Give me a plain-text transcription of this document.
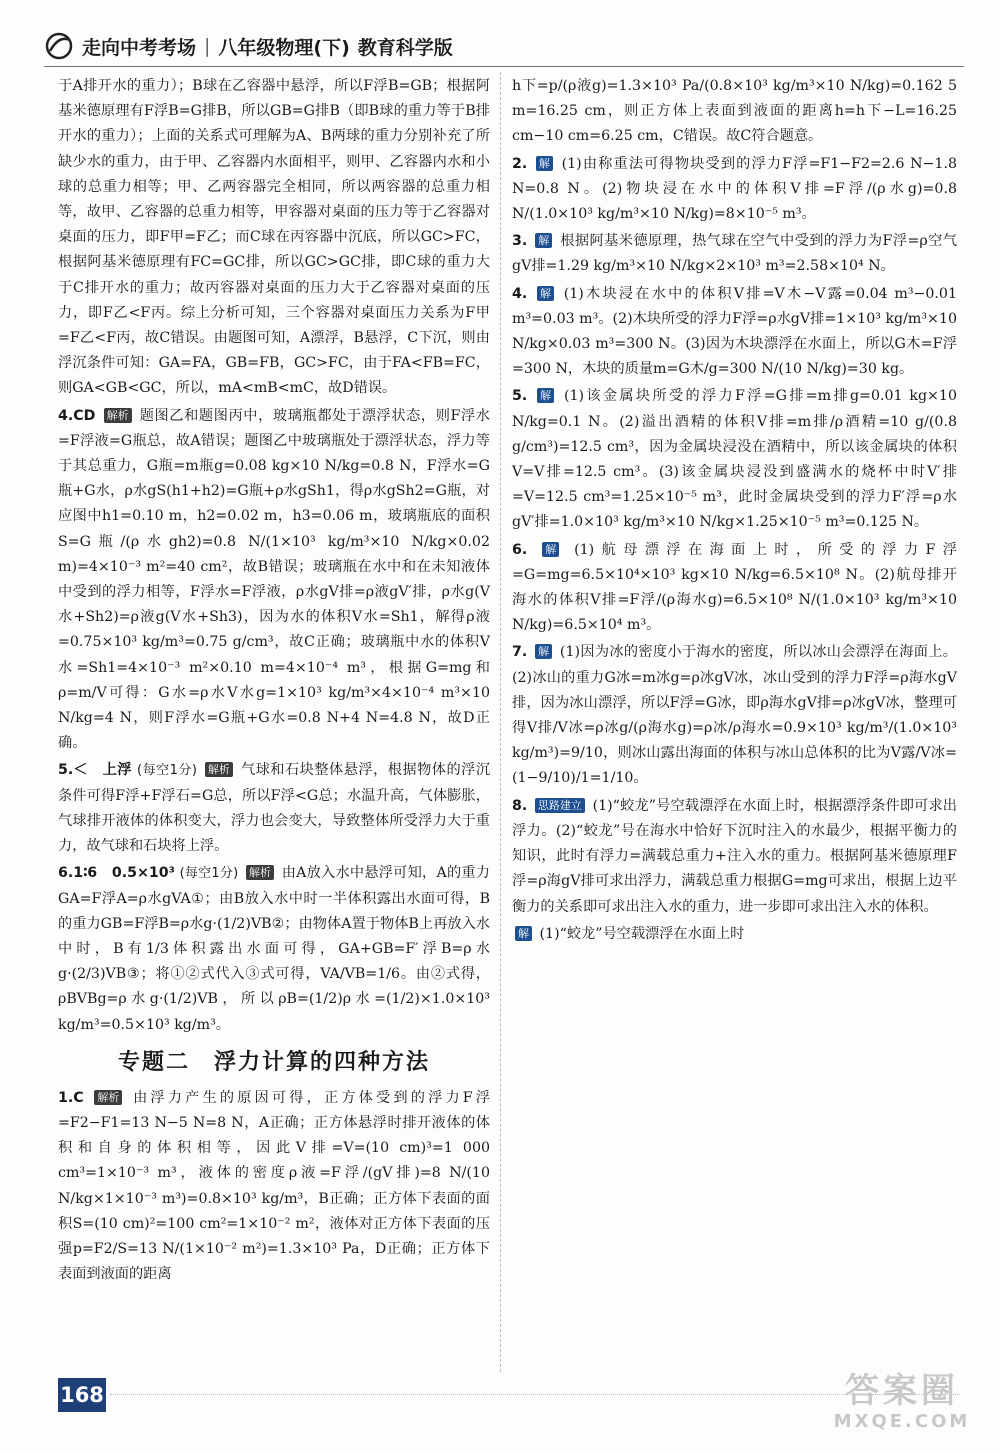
走向中考考场 | 八年级物理(下) 教育科学版

于A排开水的重力）；B球在乙容器中悬浮，所以F浮B=GB；根据阿基米德原理有F浮B=G排B，所以GB=G排B（即B球的重力等于B排开水的重力）；上面的关系式可理解为A、B两球的重力分别补充了所缺少水的重力，由于甲、乙容器内水面相平，则甲、乙容器内水和小球的总重力相等；甲、乙两容器完全相同，所以两容器的总重力相等，故甲、乙容器的总重力相等，甲容器对桌面的压力等于乙容器对桌面的压力，即F甲=F乙；而C球在丙容器中沉底，所以GC>FC，根据阿基米德原理有FC=GC排，所以GC>GC排，即C球的重力大于C排开水的重力；故丙容器对桌面的压力大于乙容器对桌面的压力，即F乙<F丙。综上分析可知，三个容器对桌面压力关系为F甲=F乙<F丙，故C错误。由题图可知，A漂浮，B悬浮，C下沉，则由浮沉条件可知：GA=FA，GB=FB，GC>FC，由于FA<FB=FC，则GA<GB<GC，所以，mA<mB<mC，故D错误。

4.CD 解析 题图乙和题图丙中，玻璃瓶都处于漂浮状态，则F浮水=F浮液=G瓶总，故A错误；题图乙中玻璃瓶处于漂浮状态，浮力等于其总重力，G瓶=m瓶g=0.08 kg×10 N/kg=0.8 N，F浮水=G瓶+G水，ρ水gS(h1+h2)=G瓶+ρ水gSh1，得ρ水gSh2=G瓶，对应图中h1=0.10 m，h2=0.02 m，h3=0.06 m，玻璃瓶底的面积S=G瓶/(ρ水gh2)=0.8 N/(1×10³ kg/m³×10 N/kg×0.02 m)=4×10⁻³ m²=40 cm²，故B错误；玻璃瓶在水中和在未知液体中受到的浮力相等，F浮水=F浮液，ρ水gV排=ρ液gV′排，ρ水g(V水+Sh2)=ρ液g(V水+Sh3)，因为水的体积V水=Sh1，解得ρ液=0.75×10³ kg/m³=0.75 g/cm³，故C正确；玻璃瓶中水的体积V水=Sh1=4×10⁻³ m²×0.10 m=4×10⁻⁴ m³，根据G=mg和ρ=m/V可得：G水=ρ水V水g=1×10³ kg/m³×4×10⁻⁴ m³×10 N/kg=4 N，则F浮水=G瓶+G水=0.8 N+4 N=4.8 N，故D正确。

5.＜　上浮 (每空1分) 解析 气球和石块整体悬浮，根据物体的浮沉条件可得F浮+F浮石=G总，所以F浮<G总；水温升高，气体膨胀，气球排开液体的体积变大，浮力也会变大，导致整体所受浮力大于重力，故气球和石块将上浮。

6.1∶6　0.5×10³ (每空1分) 解析 由A放入水中悬浮可知，A的重力GA=F浮A=ρ水gVA①；由B放入水中时一半体积露出水面可得，B的重力GB=F浮B=ρ水g·(1/2)VB②；由物体A置于物体B上再放入水中时，B有1/3体积露出水面可得，GA+GB=F′浮B=ρ水g·(2/3)VB③；将①②式代入③式可得，VA/VB=1/6。由②式得，ρBVBg=ρ水g·(1/2)VB，所以ρB=(1/2)ρ水=(1/2)×1.0×10³ kg/m³=0.5×10³ kg/m³。

专题二　浮力计算的四种方法

1.C 解析 由浮力产生的原因可得，正方体受到的浮力F浮=F2−F1=13 N−5 N=8 N，A正确；正方体悬浮时排开液体的体积和自身的体积相等，因此V排=V=(10 cm)³=1 000 cm³=1×10⁻³ m³，液体的密度ρ液=F浮/(gV排)=8 N/(10 N/kg×1×10⁻³ m³)=0.8×10³ kg/m³，B正确；正方体下表面的面积S=(10 cm)²=100 cm²=1×10⁻² m²，液体对正方体下表面的压强p=F2/S=13 N/(1×10⁻² m²)=1.3×10³ Pa，D正确；正方体下表面到液面的距离

h下=p/(ρ液g)=1.3×10³ Pa/(0.8×10³ kg/m³×10 N/kg)=0.162 5 m=16.25 cm，则正方体上表面到液面的距离h=h下−L=16.25 cm−10 cm=6.25 cm，C错误。故C符合题意。

2. 解 (1)由称重法可得物块受到的浮力F浮=F1−F2=2.6 N−1.8 N=0.8 N。(2)物块浸在水中的体积V排=F浮/(ρ水g)=0.8 N/(1.0×10³ kg/m³×10 N/kg)=8×10⁻⁵ m³。

3. 解 根据阿基米德原理，热气球在空气中受到的浮力为F浮=ρ空气gV排=1.29 kg/m³×10 N/kg×2×10³ m³=2.58×10⁴ N。

4. 解 (1)木块浸在水中的体积V排=V木−V露=0.04 m³−0.01 m³=0.03 m³。(2)木块所受的浮力F浮=ρ水gV排=1×10³ kg/m³×10 N/kg×0.03 m³=300 N。(3)因为木块漂浮在水面上，所以G木=F浮=300 N，木块的质量m=G木/g=300 N/(10 N/kg)=30 kg。

5. 解 (1)该金属块所受的浮力F浮=G排=m排g=0.01 kg×10 N/kg=0.1 N。(2)溢出酒精的体积V排=m排/ρ酒精=10 g/(0.8 g/cm³)=12.5 cm³，因为金属块浸没在酒精中，所以该金属块的体积V=V排=12.5 cm³。(3)该金属块浸没到盛满水的烧杯中时V′排=V=12.5 cm³=1.25×10⁻⁵ m³，此时金属块受到的浮力F′浮=ρ水gV′排=1.0×10³ kg/m³×10 N/kg×1.25×10⁻⁵ m³=0.125 N。

6. 解 (1)航母漂浮在海面上时，所受的浮力F浮=G=mg=6.5×10⁴×10³ kg×10 N/kg=6.5×10⁸ N。(2)航母排开海水的体积V排=F浮/(ρ海水g)=6.5×10⁸ N/(1.0×10³ kg/m³×10 N/kg)=6.5×10⁴ m³。

7. 解 (1)因为冰的密度小于海水的密度，所以冰山会漂浮在海面上。(2)冰山的重力G冰=m冰g=ρ冰gV冰，冰山受到的浮力F浮=ρ海水gV排，因为冰山漂浮，所以F浮=G冰，即ρ海水gV排=ρ冰gV冰，整理可得V排/V冰=ρ冰g/(ρ海水g)=ρ冰/ρ海水=0.9×10³ kg/m³/(1.0×10³ kg/m³)=9/10，则冰山露出海面的体积与冰山总体积的比为V露/V冰=(1−9/10)/1=1/10。

8. 思路建立 (1)“蛟龙”号空载漂浮在水面上时，根据漂浮条件即可求出浮力。(2)“蛟龙”号在海水中恰好下沉时注入的水最少，根据平衡力的知识，此时有浮力=满载总重力+注入水的重力。根据阿基米德原理F浮=ρ海gV排可求出浮力，满载总重力根据G=mg可求出，根据上边平衡力的关系即可求出注入水的重力，进一步即可求出注入水的体积。

解 (1)“蛟龙”号空载漂浮在水面上时

168	答案圈
MXQE.COM
